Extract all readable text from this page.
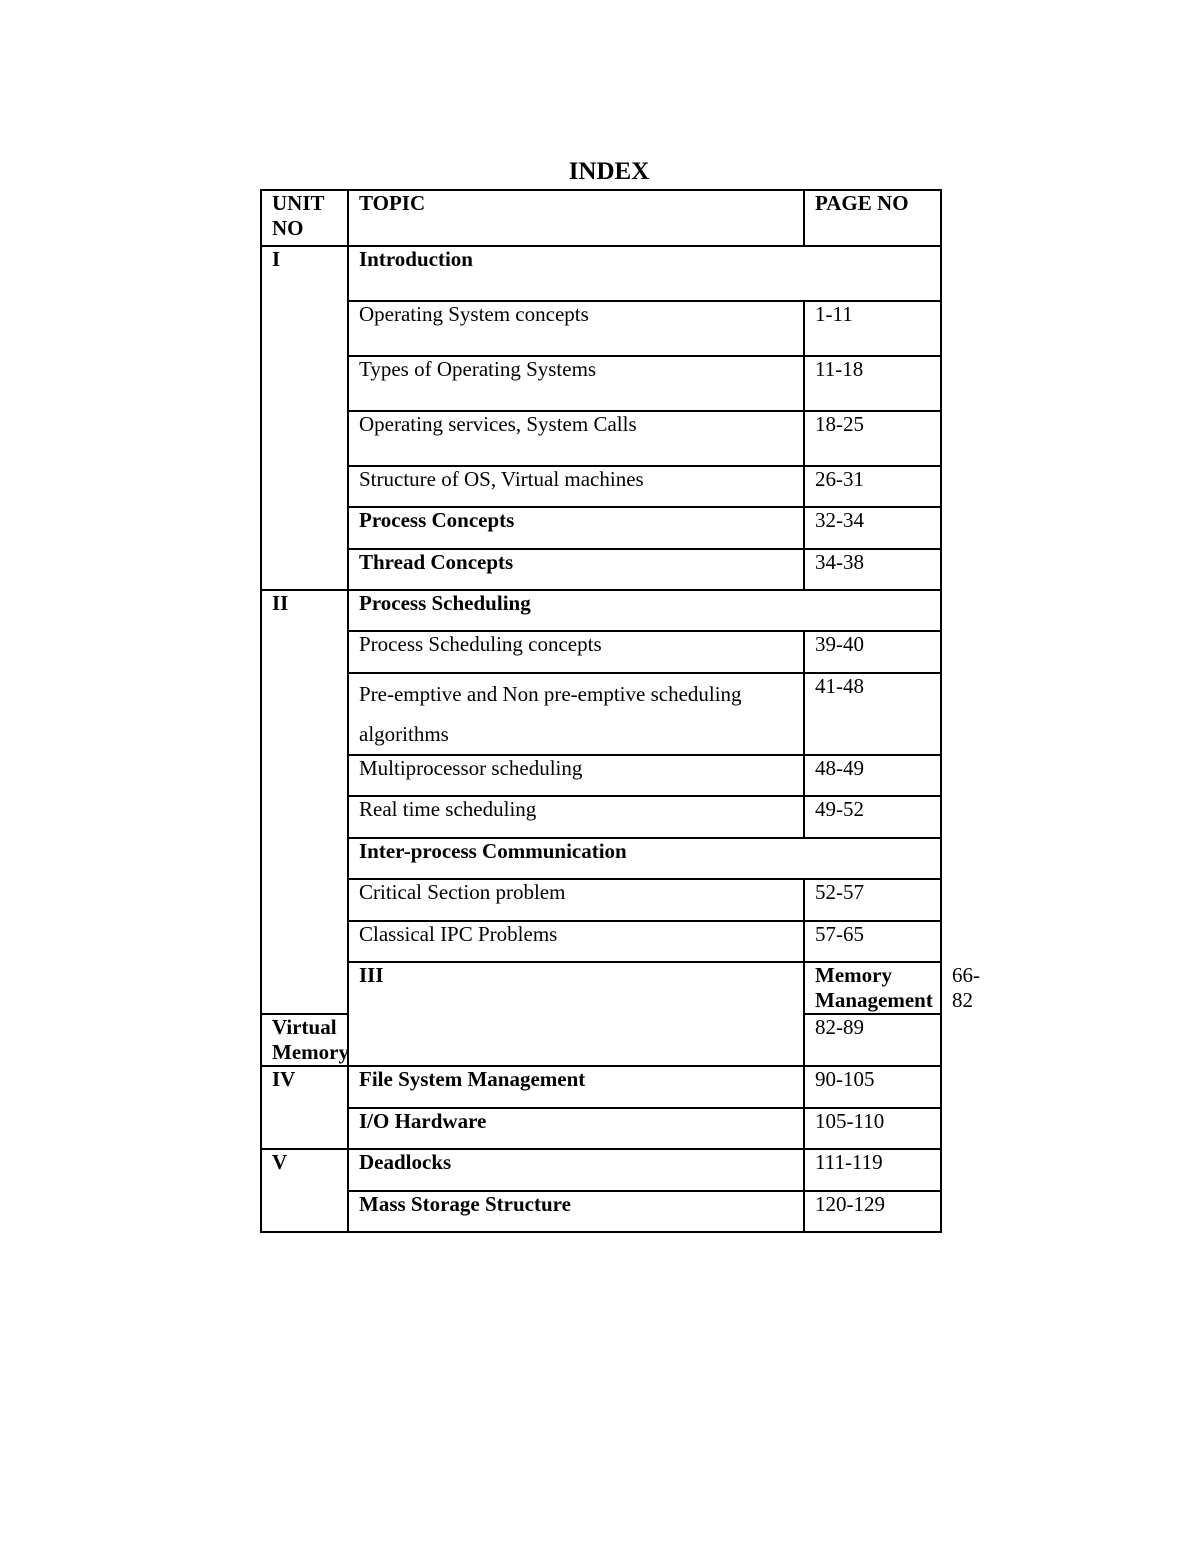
INDEX
UNIT NO	TOPIC	PAGE NO	
I	Introduction		
	Operating System concepts	1-11	
	Types of Operating Systems	11-18	
	Operating services, System Calls	18-25	
	Structure of OS, Virtual machines	26-31	
	Process Concepts	32-34	
	Thread Concepts	34-38	
II	Process Scheduling		
	Process Scheduling concepts	39-40	
	Pre-emptive and Non pre-emptive scheduling algorithms	41-48	
	Multiprocessor scheduling	48-49	
	Real time scheduling	49-52	
	Inter-process Communication		
	Critical Section problem	52-57	
	Classical IPC Problems	57-65	
	III	Memory Management	66-82
Virtual Memory		82-89	
IV	File System Management	90-105	
	I/O Hardware	105-110	
V	Deadlocks	111-119	
	Mass Storage Structure	120-129	
